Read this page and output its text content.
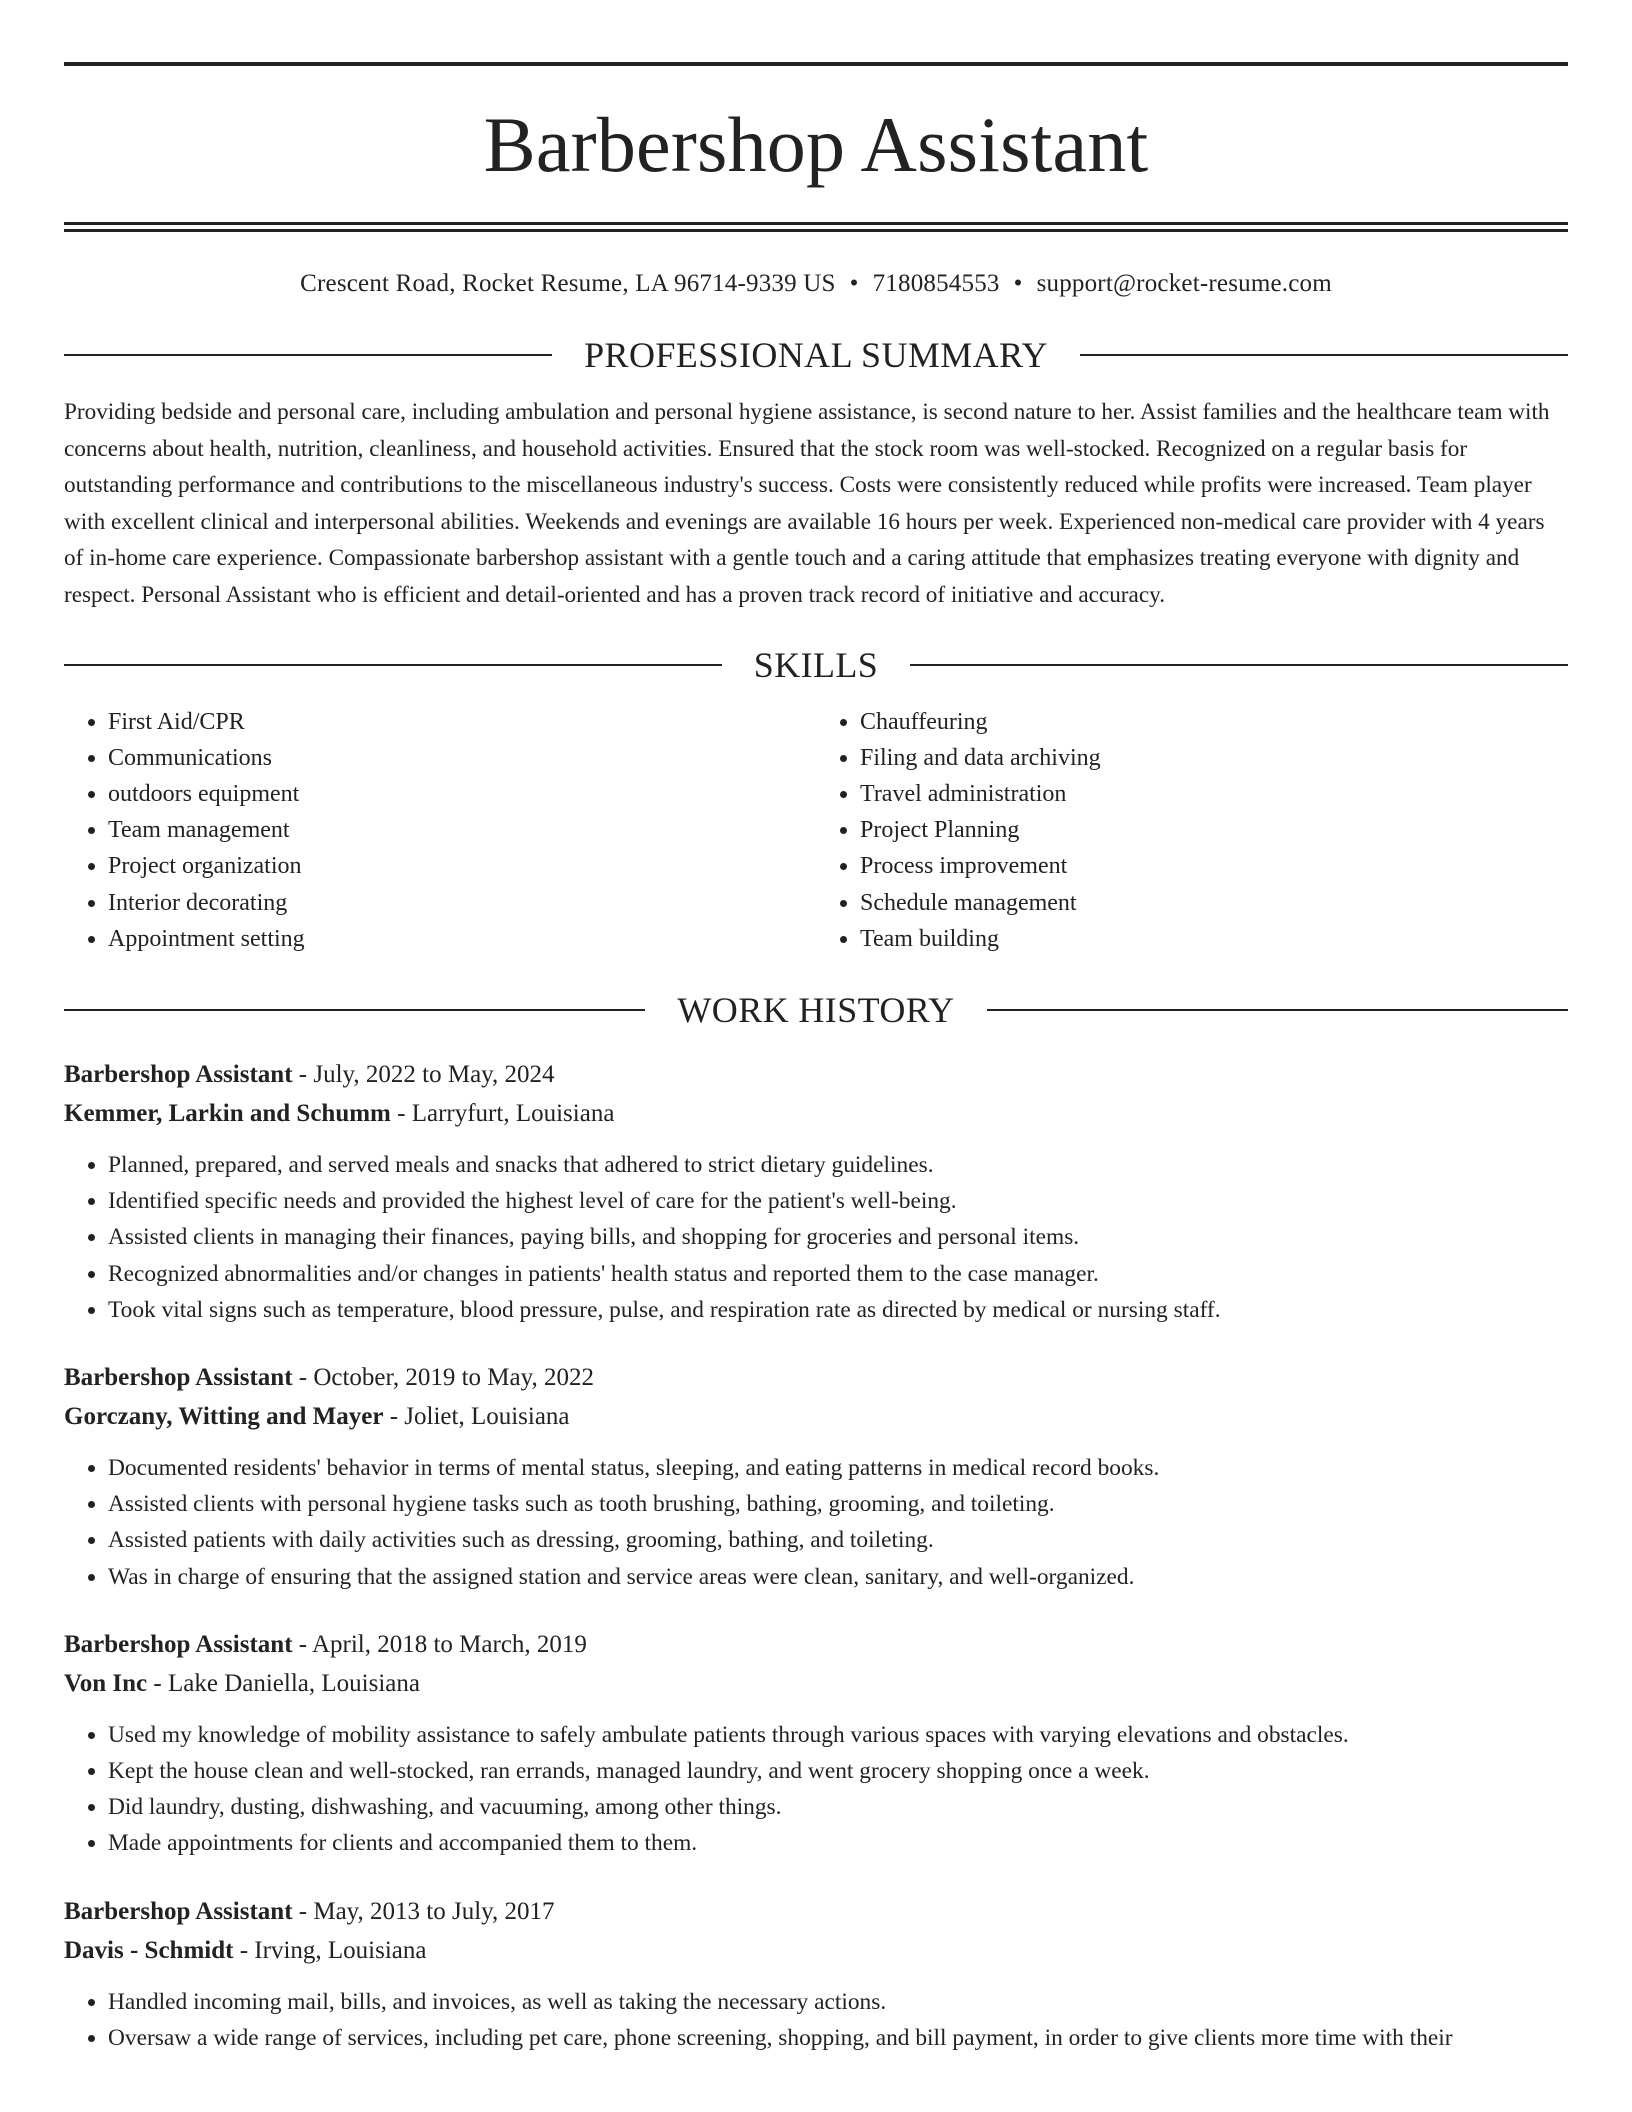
Barbershop Assistant
Crescent Road, Rocket Resume, LA 96714-9339 US • 7180854553 • support@rocket-resume.com
PROFESSIONAL SUMMARY

Providing bedside and personal care, including ambulation and personal hygiene assistance, is second nature to her. Assist families and the healthcare team with concerns about health, nutrition, cleanliness, and household activities. Ensured that the stock room was well-stocked. Recognized on a regular basis for outstanding performance and contributions to the miscellaneous industry's success. Costs were consistently reduced while profits were increased. Team player with excellent clinical and interpersonal abilities. Weekends and evenings are available 16 hours per week. Experienced non-medical care provider with 4 years of in-home care experience. Compassionate barbershop assistant with a gentle touch and a caring attitude that emphasizes treating everyone with dignity and respect. Personal Assistant who is efficient and detail-oriented and has a proven track record of initiative and accuracy.

SKILLS
• First Aid/CPR
• Communications
• outdoors equipment
• Team management
• Project organization
• Interior decorating
• Appointment setting
• Chauffeuring
• Filing and data archiving
• Travel administration
• Project Planning
• Process improvement
• Schedule management
• Team building
WORK HISTORY
Barbershop Assistant - July, 2022 to May, 2024
Kemmer, Larkin and Schumm - Larryfurt, Louisiana
• Planned, prepared, and served meals and snacks that adhered to strict dietary guidelines.
• Identified specific needs and provided the highest level of care for the patient's well-being.
• Assisted clients in managing their finances, paying bills, and shopping for groceries and personal items.
• Recognized abnormalities and/or changes in patients' health status and reported them to the case manager.
• Took vital signs such as temperature, blood pressure, pulse, and respiration rate as directed by medical or nursing staff.
Barbershop Assistant - October, 2019 to May, 2022
Gorczany, Witting and Mayer - Joliet, Louisiana
• Documented residents' behavior in terms of mental status, sleeping, and eating patterns in medical record books.
• Assisted clients with personal hygiene tasks such as tooth brushing, bathing, grooming, and toileting.
• Assisted patients with daily activities such as dressing, grooming, bathing, and toileting.
• Was in charge of ensuring that the assigned station and service areas were clean, sanitary, and well-organized.
Barbershop Assistant - April, 2018 to March, 2019
Von Inc - Lake Daniella, Louisiana
• Used my knowledge of mobility assistance to safely ambulate patients through various spaces with varying elevations and obstacles.
• Kept the house clean and well-stocked, ran errands, managed laundry, and went grocery shopping once a week.
• Did laundry, dusting, dishwashing, and vacuuming, among other things.
• Made appointments for clients and accompanied them to them.
Barbershop Assistant - May, 2013 to July, 2017
Davis - Schmidt - Irving, Louisiana
• Handled incoming mail, bills, and invoices, as well as taking the necessary actions.
• Oversaw a wide range of services, including pet care, phone screening, shopping, and bill payment, in order to give clients more time with their
